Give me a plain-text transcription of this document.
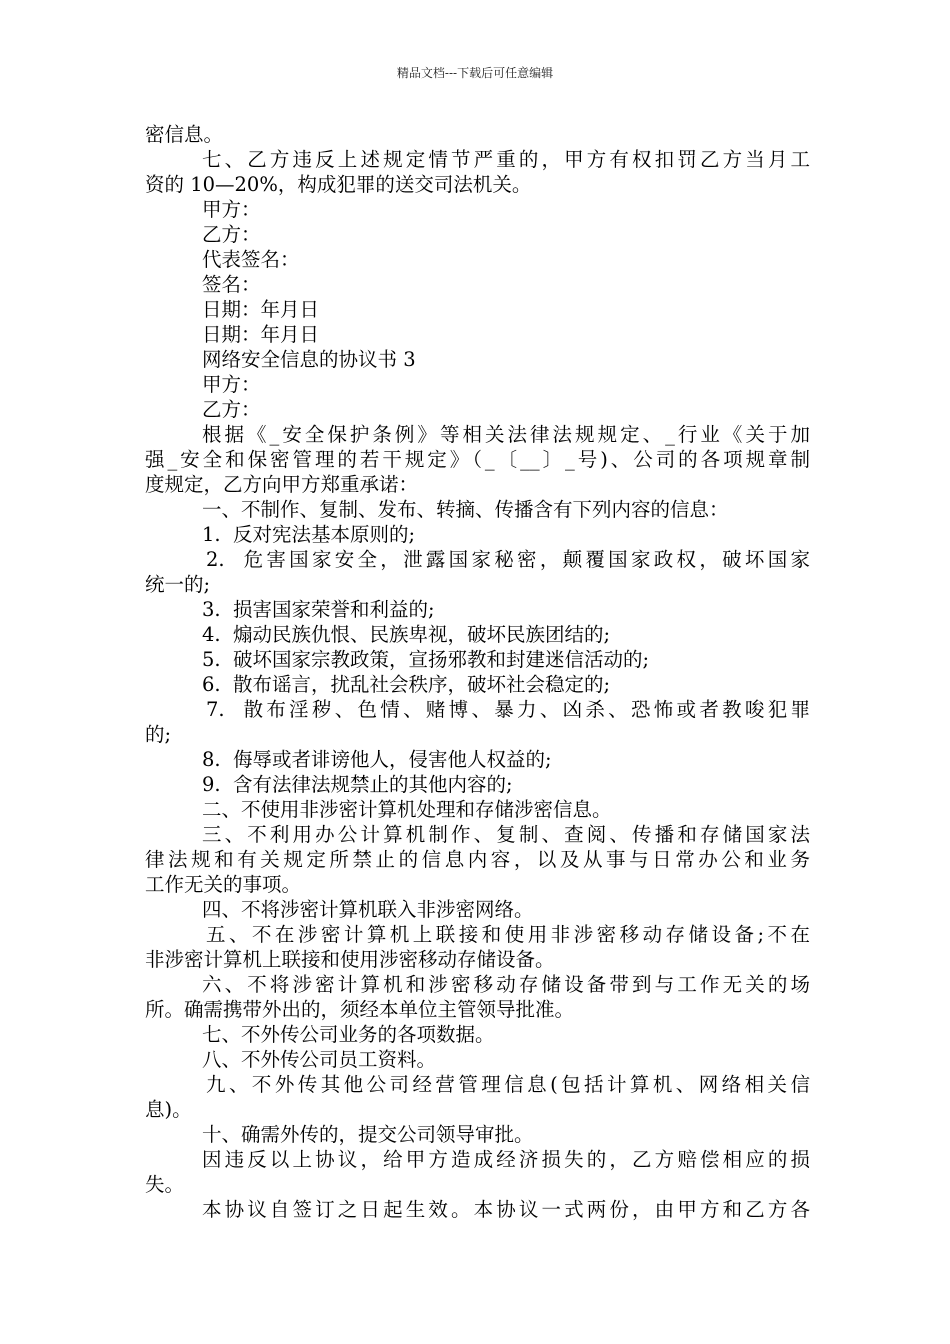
精品文档---下载后可任意编辑
密信息。
七、乙方违反上述规定情节严重的，甲方有权扣罚乙方当月工
资的 10—20%，构成犯罪的送交司法机关。
甲方：
乙方：
代表签名：
签名：
日期：年月日
日期：年月日
网络安全信息的协议书 3
甲方：
乙方：
根据《_安全保护条例》等相关法律法规规定、_行业《关于加
强_安全和保密管理的若干规定》（_〔__〕_号)、公司的各项规章制
度规定，乙方向甲方郑重承诺：
一、不制作、复制、发布、转摘、传播含有下列内容的信息：
1.  反对宪法基本原则的;
2.  危害国家安全，泄露国家秘密，颠覆国家政权，破坏国家
统一的;
3.  损害国家荣誉和利益的;
4.  煽动民族仇恨、民族卑视，破坏民族团结的;
5.  破坏国家宗教政策，宣扬邪教和封建迷信活动的;
6.  散布谣言，扰乱社会秩序，破坏社会稳定的;
7.  散布淫秽、色情、赌博、暴力、凶杀、恐怖或者教唆犯罪
的;
8.  侮辱或者诽谤他人，侵害他人权益的;
9.  含有法律法规禁止的其他内容的;
二、不使用非涉密计算机处理和存储涉密信息。
三、不利用办公计算机制作、复制、查阅、传播和存储国家法
律法规和有关规定所禁止的信息内容，以及从事与日常办公和业务
工作无关的事项。
四、不将涉密计算机联入非涉密网络。
五、不在涉密计算机上联接和使用非涉密移动存储设备;不在
非涉密计算机上联接和使用涉密移动存储设备。
六、不将涉密计算机和涉密移动存储设备带到与工作无关的场
所。确需携带外出的，须经本单位主管领导批准。
七、不外传公司业务的各项数据。
八、不外传公司员工资料。
九、不外传其他公司经营管理信息(包括计算机、网络相关信
息)。
十、确需外传的，提交公司领导审批。
因违反以上协议，给甲方造成经济损失的，乙方赔偿相应的损
失。
本协议自签订之日起生效。本协议一式两份，由甲方和乙方各
